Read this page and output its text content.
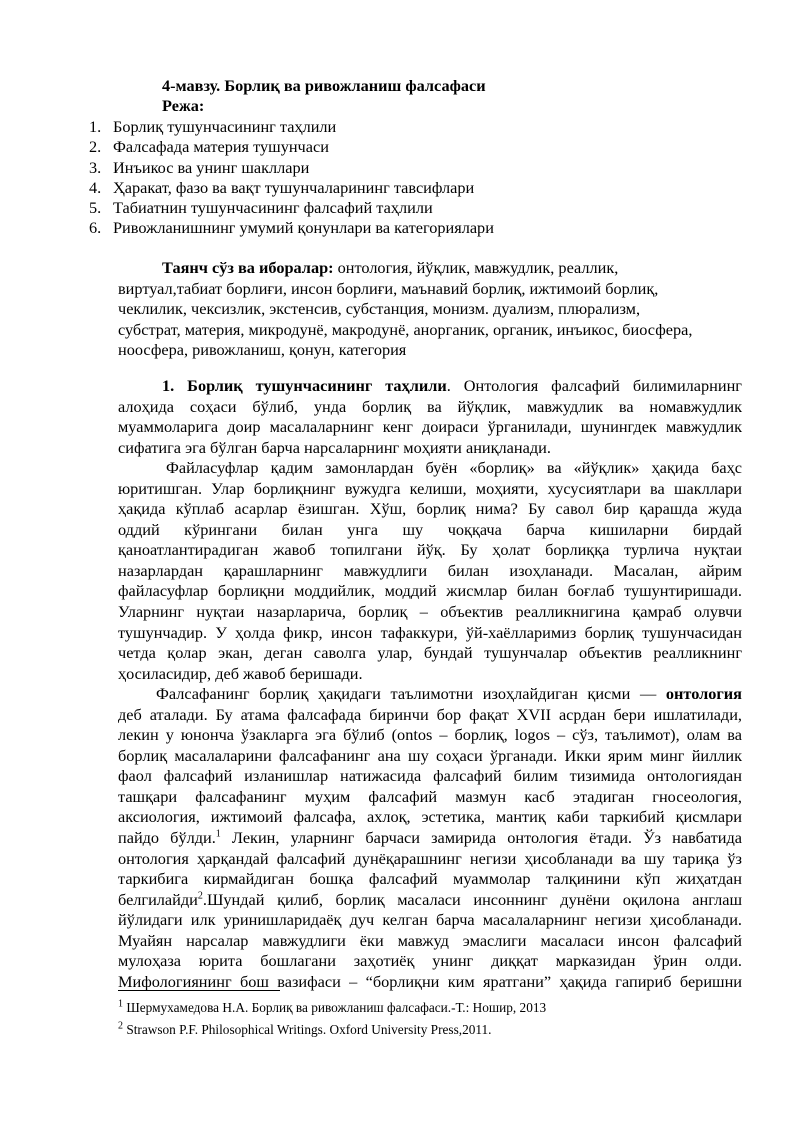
4-мавзу. Борлиқ ва ривожланиш фалсафаси
Режа:
1. Борлиқ тушунчасининг таҳлили
2. Фалсафада материя тушунчаси
3. Инъикос ва унинг шакллари
4. Ҳаракат, фазо ва вақт тушунчаларининг тавсифлари
5. Табиатнин тушунчасининг фалсафий таҳлили
6. Ривожланишнинг умумий қонунлари ва категориялари
Таянч сўз ва иборалар: онтология, йўқлик, мавжудлик, реаллик,
виртуал,табиат борлиғи, инсон борлиғи, маънавий борлиқ, ижтимоий борлиқ,
чеклилик, чексизлик, экстенсив, субстанция, монизм. дуализм, плюрализм,
субстрат, материя, микродунё, макродунё, анорганик, органик, инъикос, биосфера,
ноосфера, ривожланиш, қонун, категория
1. Борлиқ тушунчасининг таҳлили. Онтология фалсафий билимиларнинг
алоҳида соҳаси бўлиб, унда борлиқ ва йўқлик, мавжудлик ва номавжудлик
муаммоларига доир масалаларнинг кенг доираси ўрганилади, шунингдек мавжудлик
сифатига эга бўлган барча нарсаларнинг моҳияти аниқланади.
Файласуфлар қадим замонлардан буён «борлиқ» ва «йўқлик» ҳақида баҳс
юритишган. Улар борлиқнинг вужудга келиши, моҳияти, хусусиятлари ва шакллари
ҳақида кўплаб асарлар ёзишган. Хўш, борлиқ нима? Бу савол бир қарашда жуда
оддий кўрингани билан унга шу чоққача барча кишиларни бирдай
қаноатлантирадиган жавоб топилгани йўқ. Бу ҳолат борлиққа турлича нуқтаи
назарлардан қарашларнинг мавжудлиги билан изоҳланади. Масалан, айрим
файласуфлар борлиқни моддийлик, моддий жисмлар билан боғлаб тушунтиришади.
Уларнинг нуқтаи назарларича, борлиқ – объектив реалликнигина қамраб олувчи
тушунчадир. У ҳолда фикр, инсон тафаккури, ўй-хаёлларимиз борлиқ тушунчасидан
четда қолар экан, деган саволга улар, бундай тушунчалар объектив реалликнинг
ҳосиласидир, деб жавоб беришади.
Фалсафанинг борлиқ ҳақидаги таълимотни изоҳлайдиган қисми — онтология
деб аталади. Бу атама фалсафада биринчи бор фақат XVII асрдан бери ишлатилади,
лекин у юнонча ўзакларга эга бўлиб (ontos – борлиқ, logos – сўз, таълимот), олам ва
борлиқ масалаларини фалсафанинг ана шу соҳаси ўрганади. Икки ярим минг йиллик
фаол фалсафий изланишлар натижасида фалсафий билим тизимида онтологиядан
ташқари фалсафанинг муҳим фалсафий мазмун касб этадиган гносеология,
аксиология, ижтимоий фалсафа, ахлоқ, эстетика, мантиқ каби таркибий қисмлари
пайдо бўлди.$^1$ Лекин, уларнинг барчаси замирида онтология ётади. Ўз навбатида
онтология ҳарқандай фалсафий дунёқарашнинг негизи ҳисобланади ва шу тариқа ўз
таркибига кирмайдиган бошқа фалсафий муаммолар талқинини кўп жиҳатдан
белгилайди$^2$.Шундай қилиб, борлиқ масаласи инсоннинг дунёни оқилона англаш
йўлидаги илк уринишларидаёқ дуч келган барча масалаларнинг негизи ҳисобланади.
Муайян нарсалар мавжудлиги ёки мавжуд эмаслиги масаласи инсон фалсафий
мулоҳаза юрита бошлагани заҳотиёқ унинг диққат марказидан ўрин олди.
Мифологиянинг бош вазифаси – “борлиқни ким яратгани” ҳақида гапириб беришни
$^1$ Шермухамедова Н.А. Борлиқ ва ривожланиш фалсафаси.-Т.: Ношир, 2013
$^2$ Strawson P.F. Philosophical Writings. Oxford University Press,2011.
